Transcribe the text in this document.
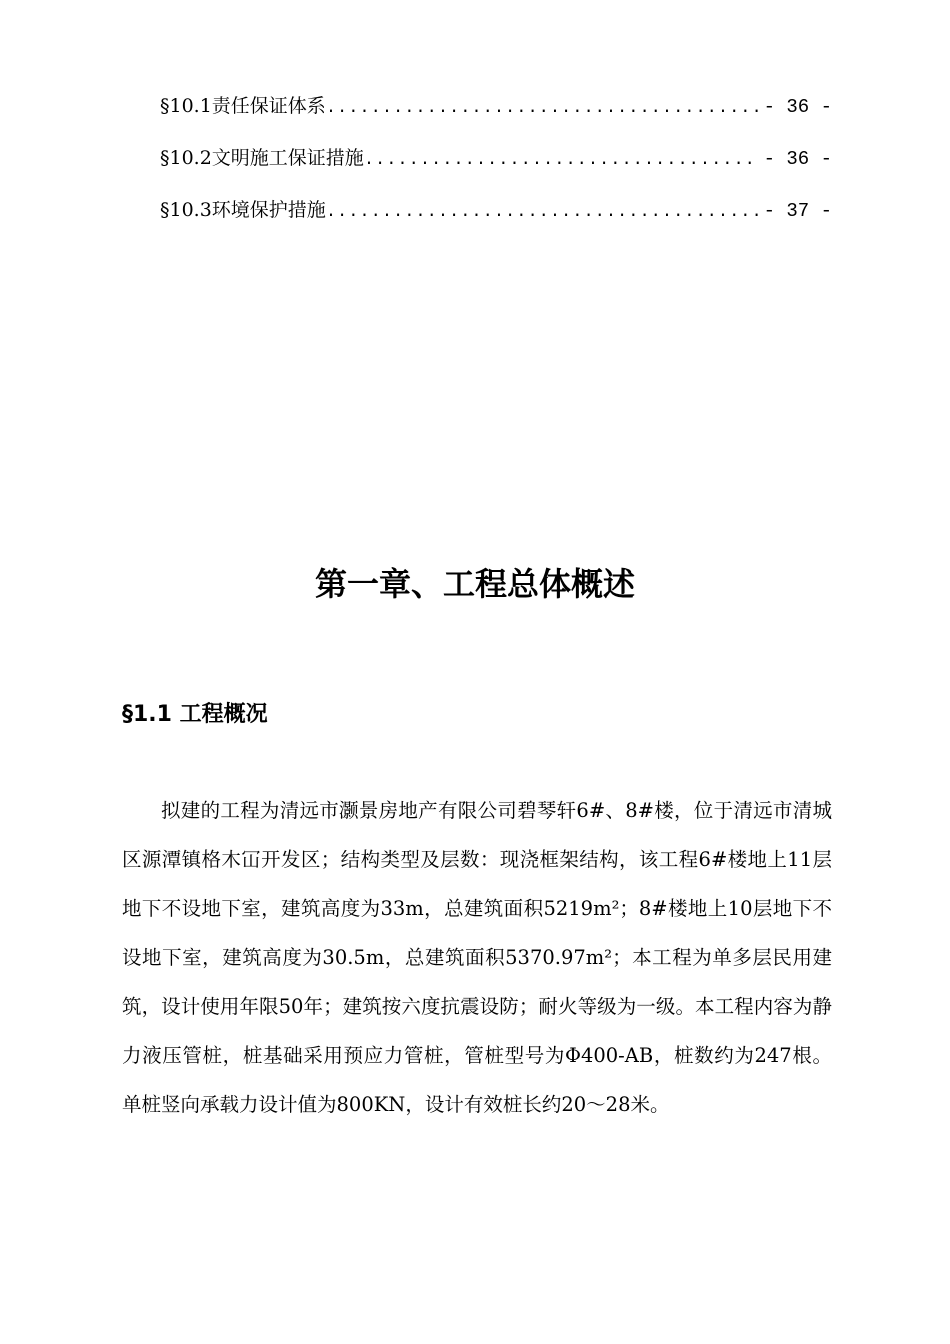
§10.1责任保证体系 .....	- 36 -
§10.2文明施工保证措施 .....	- 36 -
§10.3环境保护措施 .....	- 37 -
第一章、工程总体概述
§1.1 工程概况

拟建的工程为清远市灏景房地产有限公司碧琴轩6#、8#楼，位于清远市清城区源潭镇格木冚开发区；结构类型及层数：现浇框架结构，该工程6#楼地上11层地下不设地下室，建筑高度为33m，总建筑面积5219m²；8#楼地上10层地下不设地下室，建筑高度为30.5m，总建筑面积5370.97m²；本工程为单多层民用建筑，设计使用年限50年；建筑按六度抗震设防；耐火等级为一级。本工程内容为静力液压管桩，桩基础采用预应力管桩，管桩型号为Φ400-AB，桩数约为247根。单桩竖向承载力设计值为800KN，设计有效桩长约20～28米。
